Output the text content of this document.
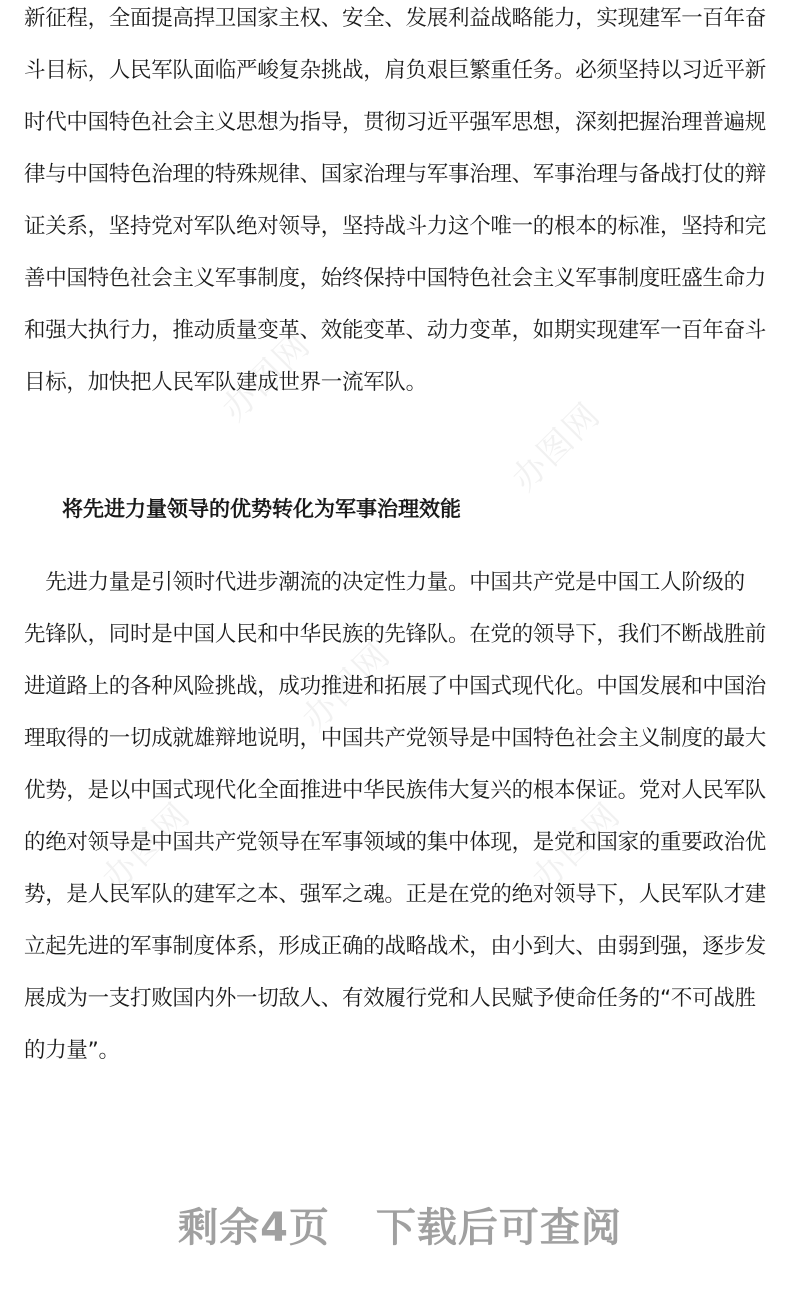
办图网
办图网
办图网
办图网	办图网
新征程，全面提高捍卫国家主权、安全、发展利益战略能力，实现建军一百年奋
斗目标，人民军队面临严峻复杂挑战，肩负艰巨繁重任务。必须坚持以习近平新
时代中国特色社会主义思想为指导，贯彻习近平强军思想，深刻把握治理普遍规
律与中国特色治理的特殊规律、国家治理与军事治理、军事治理与备战打仗的辩
证关系，坚持党对军队绝对领导，坚持战斗力这个唯一的根本的标准，坚持和完
善中国特色社会主义军事制度，始终保持中国特色社会主义军事制度旺盛生命力
和强大执行力，推动质量变革、效能变革、动力变革，如期实现建军一百年奋斗
目标，加快把人民军队建成世界一流军队。
将先进力量领导的优势转化为军事治理效能
　先进力量是引领时代进步潮流的决定性力量。中国共产党是中国工人阶级的
先锋队，同时是中国人民和中华民族的先锋队。在党的领导下，我们不断战胜前
进道路上的各种风险挑战，成功推进和拓展了中国式现代化。中国发展和中国治
理取得的一切成就雄辩地说明，中国共产党领导是中国特色社会主义制度的最大
优势，是以中国式现代化全面推进中华民族伟大复兴的根本保证。党对人民军队
的绝对领导是中国共产党领导在军事领域的集中体现，是党和国家的重要政治优
势，是人民军队的建军之本、强军之魂。正是在党的绝对领导下，人民军队才建
立起先进的军事制度体系，形成正确的战略战术，由小到大、由弱到强，逐步发
展成为一支打败国内外一切敌人、有效履行党和人民赋予使命任务的“不可战胜
的力量”。
剩余4页 下载后可查阅
